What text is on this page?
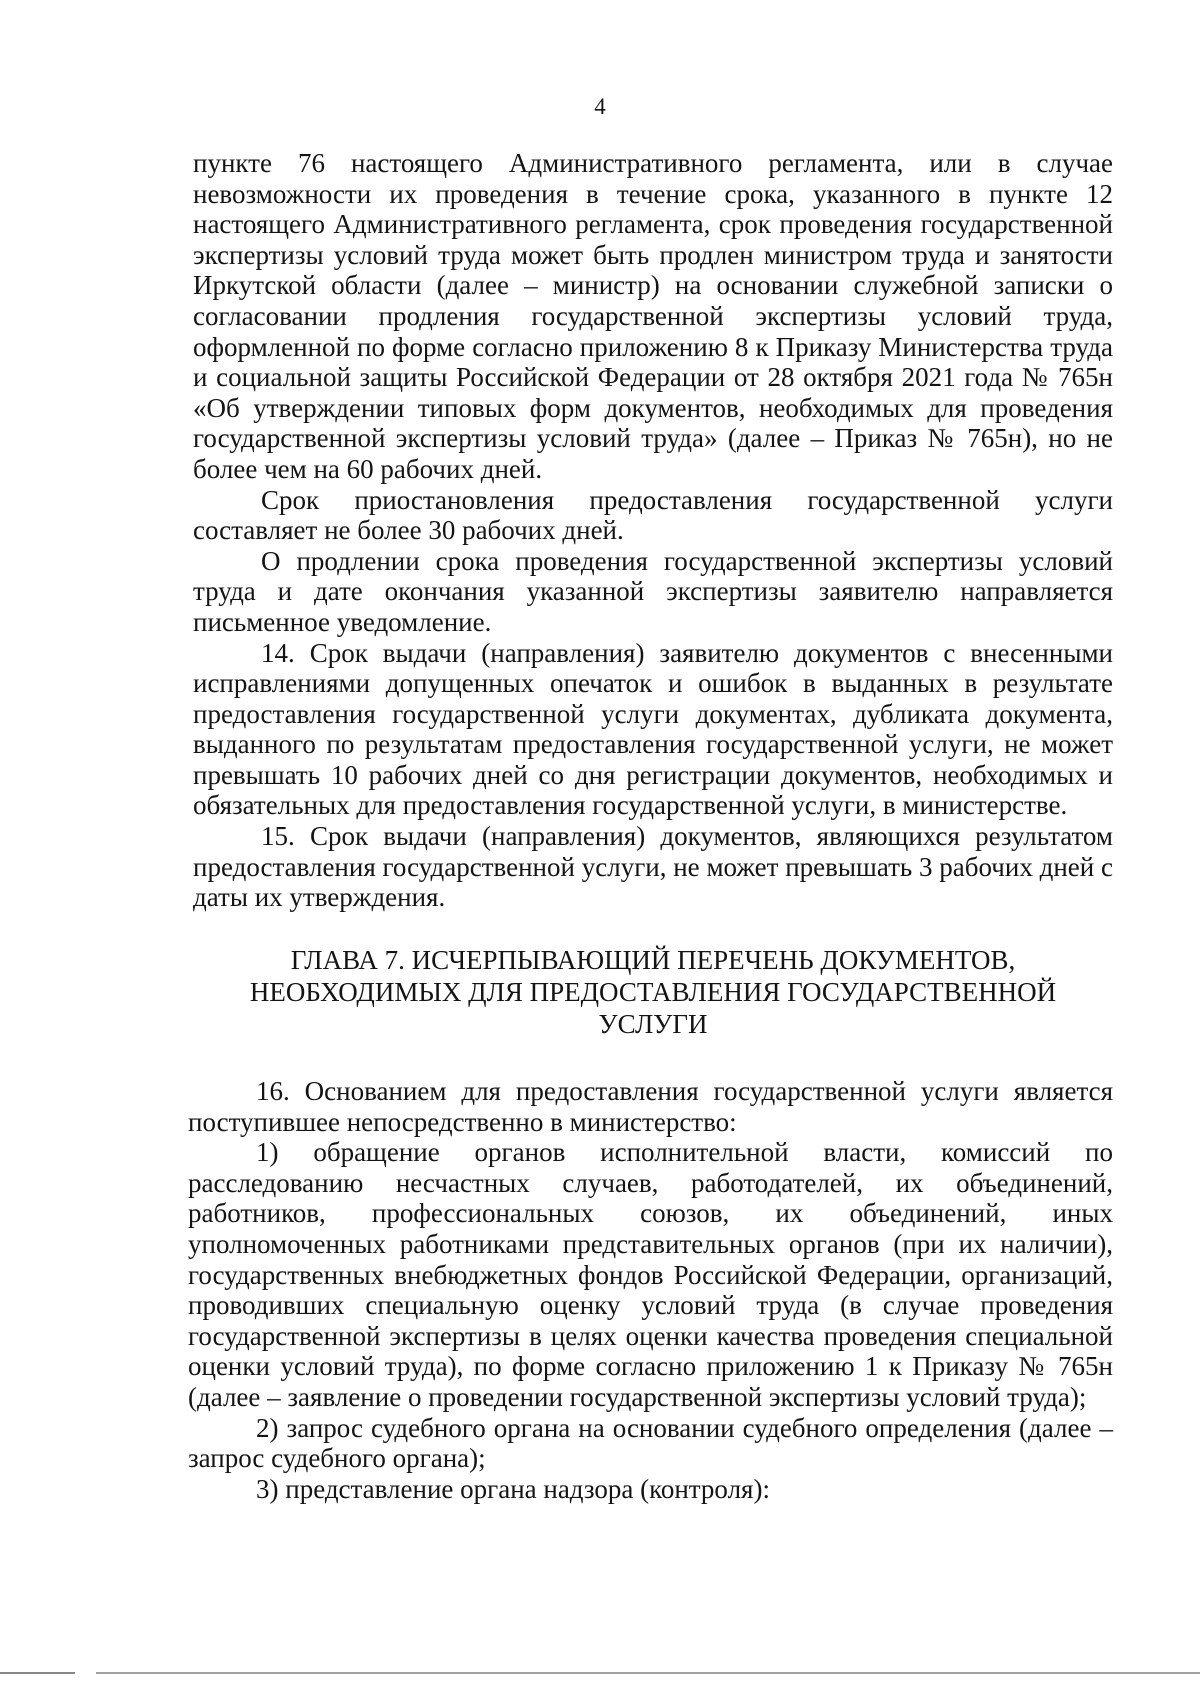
4

пункте 76 настоящего Административного регламента, или в случае невозможности их проведения в течение срока, указанного в пункте 12 настоящего Административного регламента, срок проведения государственной экспертизы условий труда может быть продлен министром труда и занятости Иркутской области (далее – министр) на основании служебной записки о согласовании продления государственной экспертизы условий труда, оформленной по форме согласно приложению 8 к Приказу Министерства труда и социальной защиты Российской Федерации от 28 октября 2021 года № 765н «Об утверждении типовых форм документов, необходимых для проведения государственной экспертизы условий труда» (далее – Приказ № 765н), но не более чем на 60 рабочих дней.

Срок приостановления предоставления государственной услуги составляет не более 30 рабочих дней.

О продлении срока проведения государственной экспертизы условий труда и дате окончания указанной экспертизы заявителю направляется письменное уведомление.

14. Срок выдачи (направления) заявителю документов с внесенными исправлениями допущенных опечаток и ошибок в выданных в результате предоставления государственной услуги документах, дубликата документа, выданного по результатам предоставления государственной услуги, не может превышать 10 рабочих дней со дня регистрации документов, необходимых и обязательных для предоставления государственной услуги, в министерстве.

15. Срок выдачи (направления) документов, являющихся результатом предоставления государственной услуги, не может превышать 3 рабочих дней с даты их утверждения.

ГЛАВА 7. ИСЧЕРПЫВАЮЩИЙ ПЕРЕЧЕНЬ ДОКУМЕНТОВ,
НЕОБХОДИМЫХ ДЛЯ ПРЕДОСТАВЛЕНИЯ ГОСУДАРСТВЕННОЙ
УСЛУГИ

16. Основанием для предоставления государственной услуги является поступившее непосредственно в министерство:

1) обращение органов исполнительной власти, комиссий по расследованию несчастных случаев, работодателей, их объединений, работников, профессиональных союзов, их объединений, иных уполномоченных работниками представительных органов (при их наличии), государственных внебюджетных фондов Российской Федерации, организаций, проводивших специальную оценку условий труда (в случае проведения государственной экспертизы в целях оценки качества проведения специальной оценки условий труда), по форме согласно приложению 1 к Приказу № 765н (далее – заявление о проведении государственной экспертизы условий труда);

2) запрос судебного органа на основании судебного определения (далее – запрос судебного органа);

3) представление органа надзора (контроля):
